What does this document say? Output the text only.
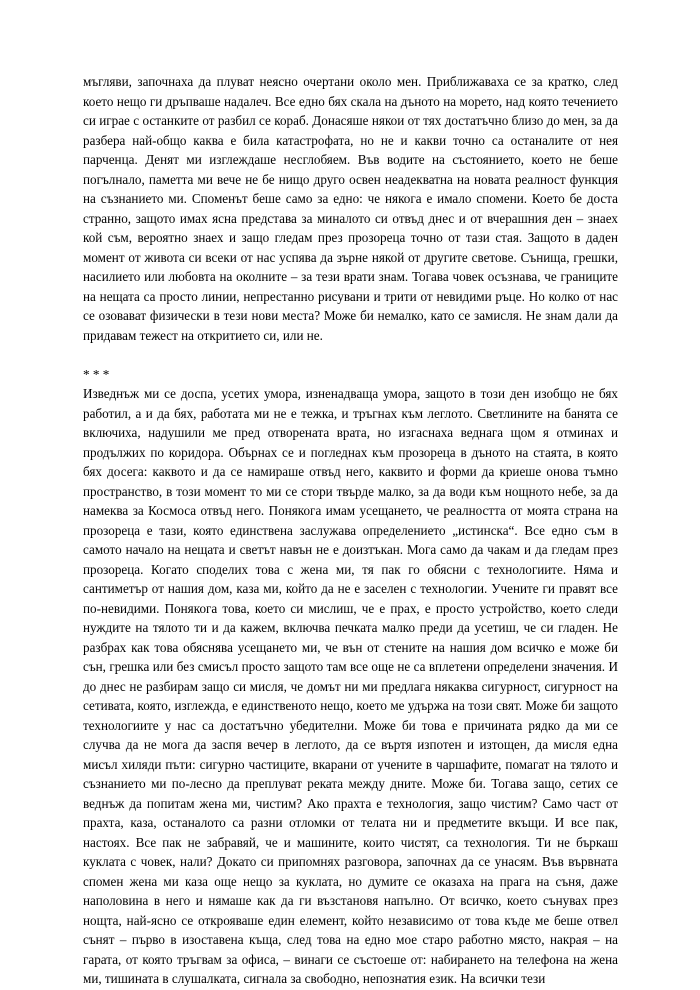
мъгляви, започнаха да плуват неясно очертани около мен. Приближаваха се за кратко, след което нещо ги дръпваше надалеч. Все едно бях скала на дъното на морето, над която течението си играе с останките от разбил се кораб. Донасяше някои от тях достатъчно близо до мен, за да разбера най-общо каква е била катастрофата, но не и какви точно са останалите от нея парченца. Денят ми изглеждаше несглобяем. Във водите на състоянието, което не беше погълнало, паметта ми вече не бе нищо друго освен неадекватна на новата реалност функция на съзнанието ми. Споменът беше само за едно: че някога е имало спомени. Което бе доста странно, защото имах ясна представа за миналото си отвъд днес и от вчерашния ден – знаех кой съм, вероятно знаех и защо гледам през прозореца точно от тази стая. Защото в даден момент от живота си всеки от нас успява да зърне някой от другите светове. Сънища, грешки, насилието или любовта на околните – за тези врати знам. Тогава човек осъзнава, че границите на нещата са просто линии, непрестанно рисувани и трити от невидими ръце. Но колко от нас се озовават физически в тези нови места? Може би немалко, като се замисля. Не знам дали да придавам тежест на откритието си, или не.

* * *

Изведнъж ми се доспа, усетих умора, изненадваща умора, защото в този ден изобщо не бях работил, а и да бях, работата ми не е тежка, и тръгнах към леглото. Светлините на банята се включиха, надушили ме пред отворената врата, но изгаснаха веднага щом я отминах и продължих по коридора. Обърнах се и погледнах към прозореца в дъното на стаята, в която бях досега: каквото и да се намираше отвъд него, каквито и форми да криеше онова тъмно пространство, в този момент то ми се стори твърде малко, за да води към нощното небе, за да намеква за Космоса отвъд него. Понякога имам усещането, че реалността от моята страна на прозореца е тази, която единствена заслужава определението „истинска“. Все едно съм в самото начало на нещата и светът навън не е доизтъкан. Мога само да чакам и да гледам през прозореца. Когато споделих това с жена ми, тя пак го обясни с технологиите. Няма и сантиметър от нашия дом, каза ми, който да не е заселен с технологии. Учените ги правят все по-невидими. Понякога това, което си мислиш, че е прах, е просто устройство, което следи нуждите на тялото ти и да кажем, включва печката малко преди да усетиш, че си гладен. Не разбрах как това обяснява усещането ми, че вън от стените на нашия дом всичко е може би сън, грешка или без смисъл просто защото там все още не са вплетени определени значения. И до днес не разбирам защо си мисля, че домът ни ми предлага някаква сигурност, сигурност на сетивата, която, изглежда, е единственото нещо, което ме удържа на този свят. Може би защото технологиите у нас са достатъчно убедителни. Може би това е причината рядко да ми се случва да не мога да заспя вечер в леглото, да се въртя изпотен и изтощен, да мисля една мисъл хиляди пъти: сигурно частиците, вкарани от учените в чаршафите, помагат на тялото и съзнанието ми по-лесно да преплуват реката между дните. Може би. Тогава защо, сетих се веднъж да попитам жена ми, чистим? Ако прахта е технология, защо чистим? Само част от прахта, каза, останалото са разни отломки от телата ни и предметите вкъщи. И все пак, настоях. Все пак не забравяй, че и машините, които чистят, са технология. Ти не бъркаш куклата с човек, нали? Докато си припомнях разговора, започнах да се унасям. Във вървната спомен жена ми каза още нещо за куклата, но думите се оказаха на прага на съня, даже наполовина в него и нямаше как да ги възстановя напълно. От всичко, което сънувах през нощта, най-ясно се открояваше един елемент, който независимо от това къде ме беше отвел сънят – първо в изоставена къща, след това на едно мое старо работно място, накрая – на гарата, от която тръгвам за офиса, – винаги се състоеше от: набирането на телефона на жена ми, тишината в слушалката, сигнала за свободно, непознатия език. На всички тези
